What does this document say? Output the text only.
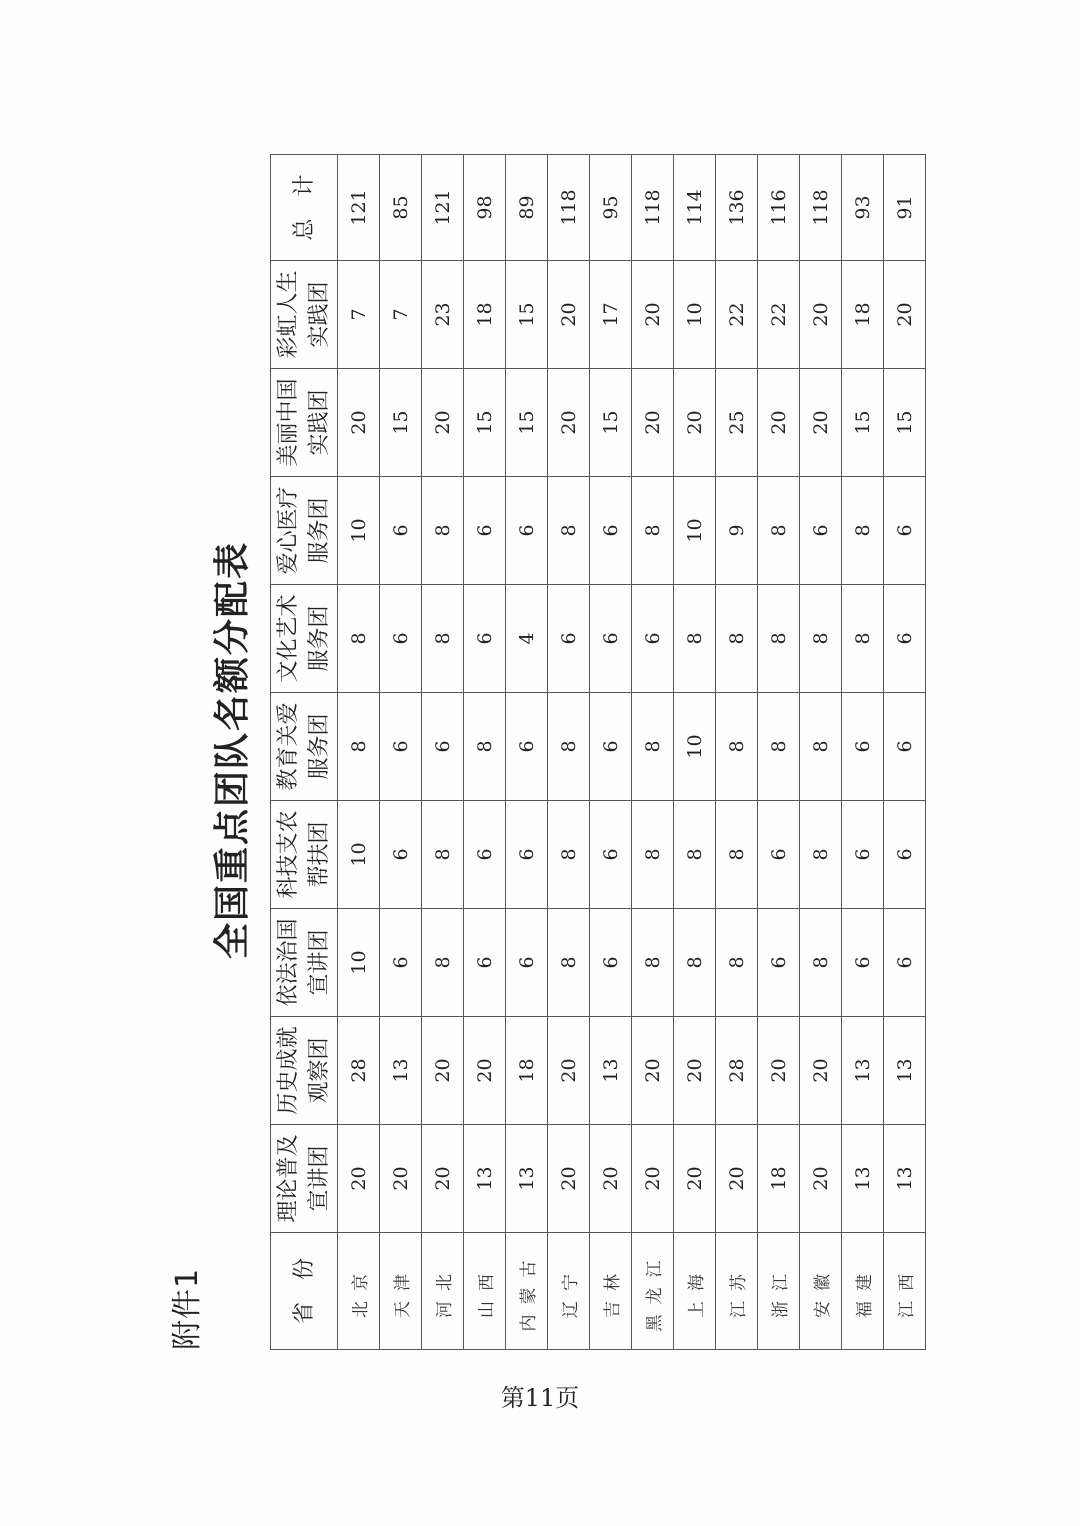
附件1
全国重点团队名额分配表
省　份	理论普及 宣讲团	历史成就 观察团	依法治国 宣讲团	科技支农 帮扶团	教育关爱 服务团	文化艺术 服务团	爱心医疗 服务团	美丽中国 实践团	彩虹人生 实践团	总　计
北京	20	28	10	10	8	8	10	20	7	121
天津	20	13	6	6	6	6	6	15	7	85
河北	20	20	8	8	6	8	8	20	23	121
山西	13	20	6	6	8	6	6	15	18	98
内蒙古	13	18	6	6	6	4	6	15	15	89
辽宁	20	20	8	8	8	6	8	20	20	118
吉林	20	13	6	6	6	6	6	15	17	95
黑龙江	20	20	8	8	8	6	8	20	20	118
上海	20	20	8	8	10	8	10	20	10	114
江苏	20	28	8	8	8	8	9	25	22	136
浙江	18	20	6	6	8	8	8	20	22	116
安徽	20	20	8	8	8	8	6	20	20	118
福建	13	13	6	6	6	8	8	15	18	93
江西	13	13	6	6	6	6	6	15	20	91
第11页
